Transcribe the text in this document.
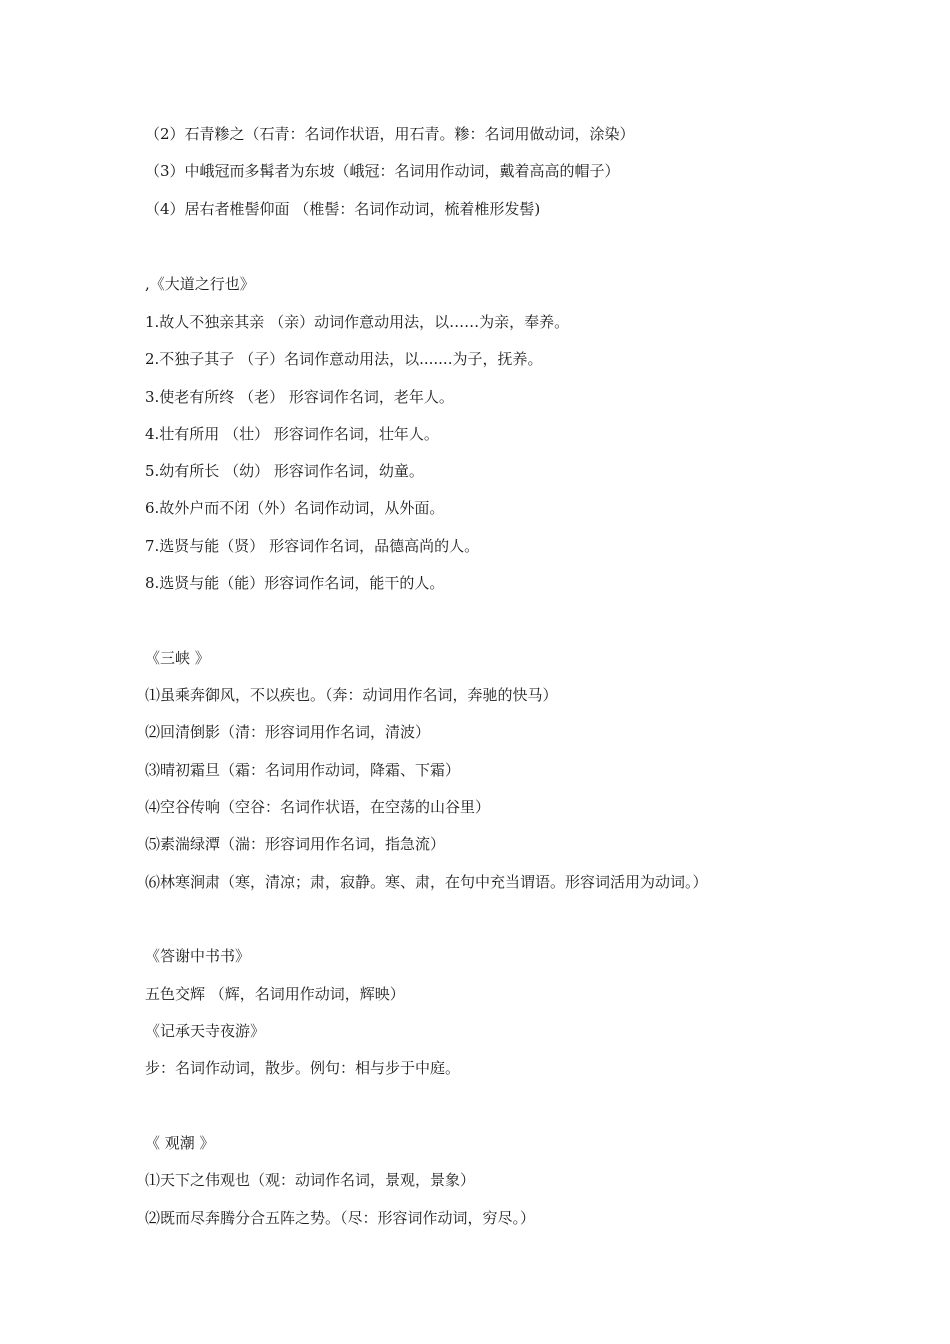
（2）石青糁之（石青：名词作状语，用石青。糁：名词用做动词，涂染）
（3）中峨冠而多髯者为东坡（峨冠：名词用作动词，戴着高高的帽子）
（4）居右者椎髻仰面 （椎髻：名词作动词，梳着椎形发髻)
,《大道之行也》
1.故人不独亲其亲 （亲）动词作意动用法，以……为亲，奉养。
2.不独子其子 （子）名词作意动用法，以.......为子，抚养。
3.使老有所终 （老） 形容词作名词，老年人。
4.壮有所用 （壮） 形容词作名词，壮年人。
5.幼有所长 （幼） 形容词作名词，幼童。
6.故外户而不闭（外）名词作动词，从外面。
7.选贤与能（贤） 形容词作名词，品德高尚的人。
8.选贤与能（能）形容词作名词，能干的人。
《三峡 》
⑴虽乘奔御风，不以疾也。（奔：动词用作名词，奔驰的快马）
⑵回清倒影（清：形容词用作名词，清波）
⑶晴初霜旦（霜：名词用作动词，降霜、下霜）
⑷空谷传响（空谷：名词作状语，在空荡的山谷里）
⑸素湍绿潭（湍：形容词用作名词，指急流）
⑹林寒涧肃（寒，清凉；肃，寂静。寒、肃，在句中充当谓语。形容词活用为动词。）
《答谢中书书》
五色交辉 （辉，名词用作动词，辉映）
《记承天寺夜游》
步：名词作动词，散步。例句：相与步于中庭。
《 观潮 》
⑴天下之伟观也（观：动词作名词，景观，景象）
⑵既而尽奔腾分合五阵之势。（尽：形容词作动词，穷尽。）
